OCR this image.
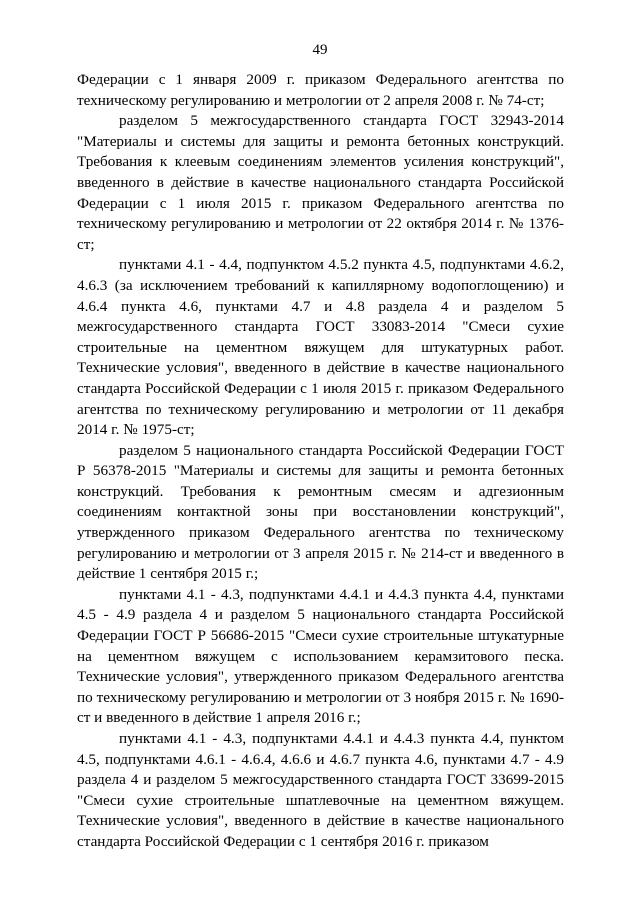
49

Федерации с 1 января 2009 г. приказом Федерального агентства по техническому регулированию и метрологии от 2 апреля 2008 г. № 74-ст;

разделом 5 межгосударственного стандарта ГОСТ 32943-2014 "Материалы и системы для защиты и ремонта бетонных конструкций. Требования к клеевым соединениям элементов усиления конструкций", введенного в действие в качестве национального стандарта Российской Федерации с 1 июля 2015 г. приказом Федерального агентства по техническому регулированию и метрологии от 22 октября 2014 г. № 1376-ст;

пунктами 4.1 - 4.4, подпунктом 4.5.2 пункта 4.5, подпунктами 4.6.2, 4.6.3 (за исключением требований к капиллярному водопоглощению) и 4.6.4 пункта 4.6, пунктами 4.7 и 4.8 раздела 4 и разделом 5 межгосударственного стандарта ГОСТ 33083-2014 "Смеси сухие строительные на цементном вяжущем для штукатурных работ. Технические условия", введенного в действие в качестве национального стандарта Российской Федерации с 1 июля 2015 г. приказом Федерального агентства по техническому регулированию и метрологии от 11 декабря 2014 г. № 1975-ст;

разделом 5 национального стандарта Российской Федерации ГОСТ Р 56378-2015 "Материалы и системы для защиты и ремонта бетонных конструкций. Требования к ремонтным смесям и адгезионным соединениям контактной зоны при восстановлении конструкций", утвержденного приказом Федерального агентства по техническому регулированию и метрологии от 3 апреля 2015 г. № 214-ст и введенного в действие 1 сентября 2015 г.;

пунктами 4.1 - 4.3, подпунктами 4.4.1 и 4.4.3 пункта 4.4, пунктами 4.5 - 4.9 раздела 4 и разделом 5 национального стандарта Российской Федерации ГОСТ Р 56686-2015 "Смеси сухие строительные штукатурные на цементном вяжущем с использованием керамзитового песка. Технические условия", утвержденного приказом Федерального агентства по техническому регулированию и метрологии от 3 ноября 2015 г. № 1690-ст и введенного в действие 1 апреля 2016 г.;

пунктами 4.1 - 4.3, подпунктами 4.4.1 и 4.4.3 пункта 4.4, пунктом 4.5, подпунктами 4.6.1 - 4.6.4, 4.6.6 и 4.6.7 пункта 4.6, пунктами 4.7 - 4.9 раздела 4 и разделом 5 межгосударственного стандарта ГОСТ 33699-2015 "Смеси сухие строительные шпатлевочные на цементном вяжущем. Технические условия", введенного в действие в качестве национального стандарта Российской Федерации с 1 сентября 2016 г. приказом
